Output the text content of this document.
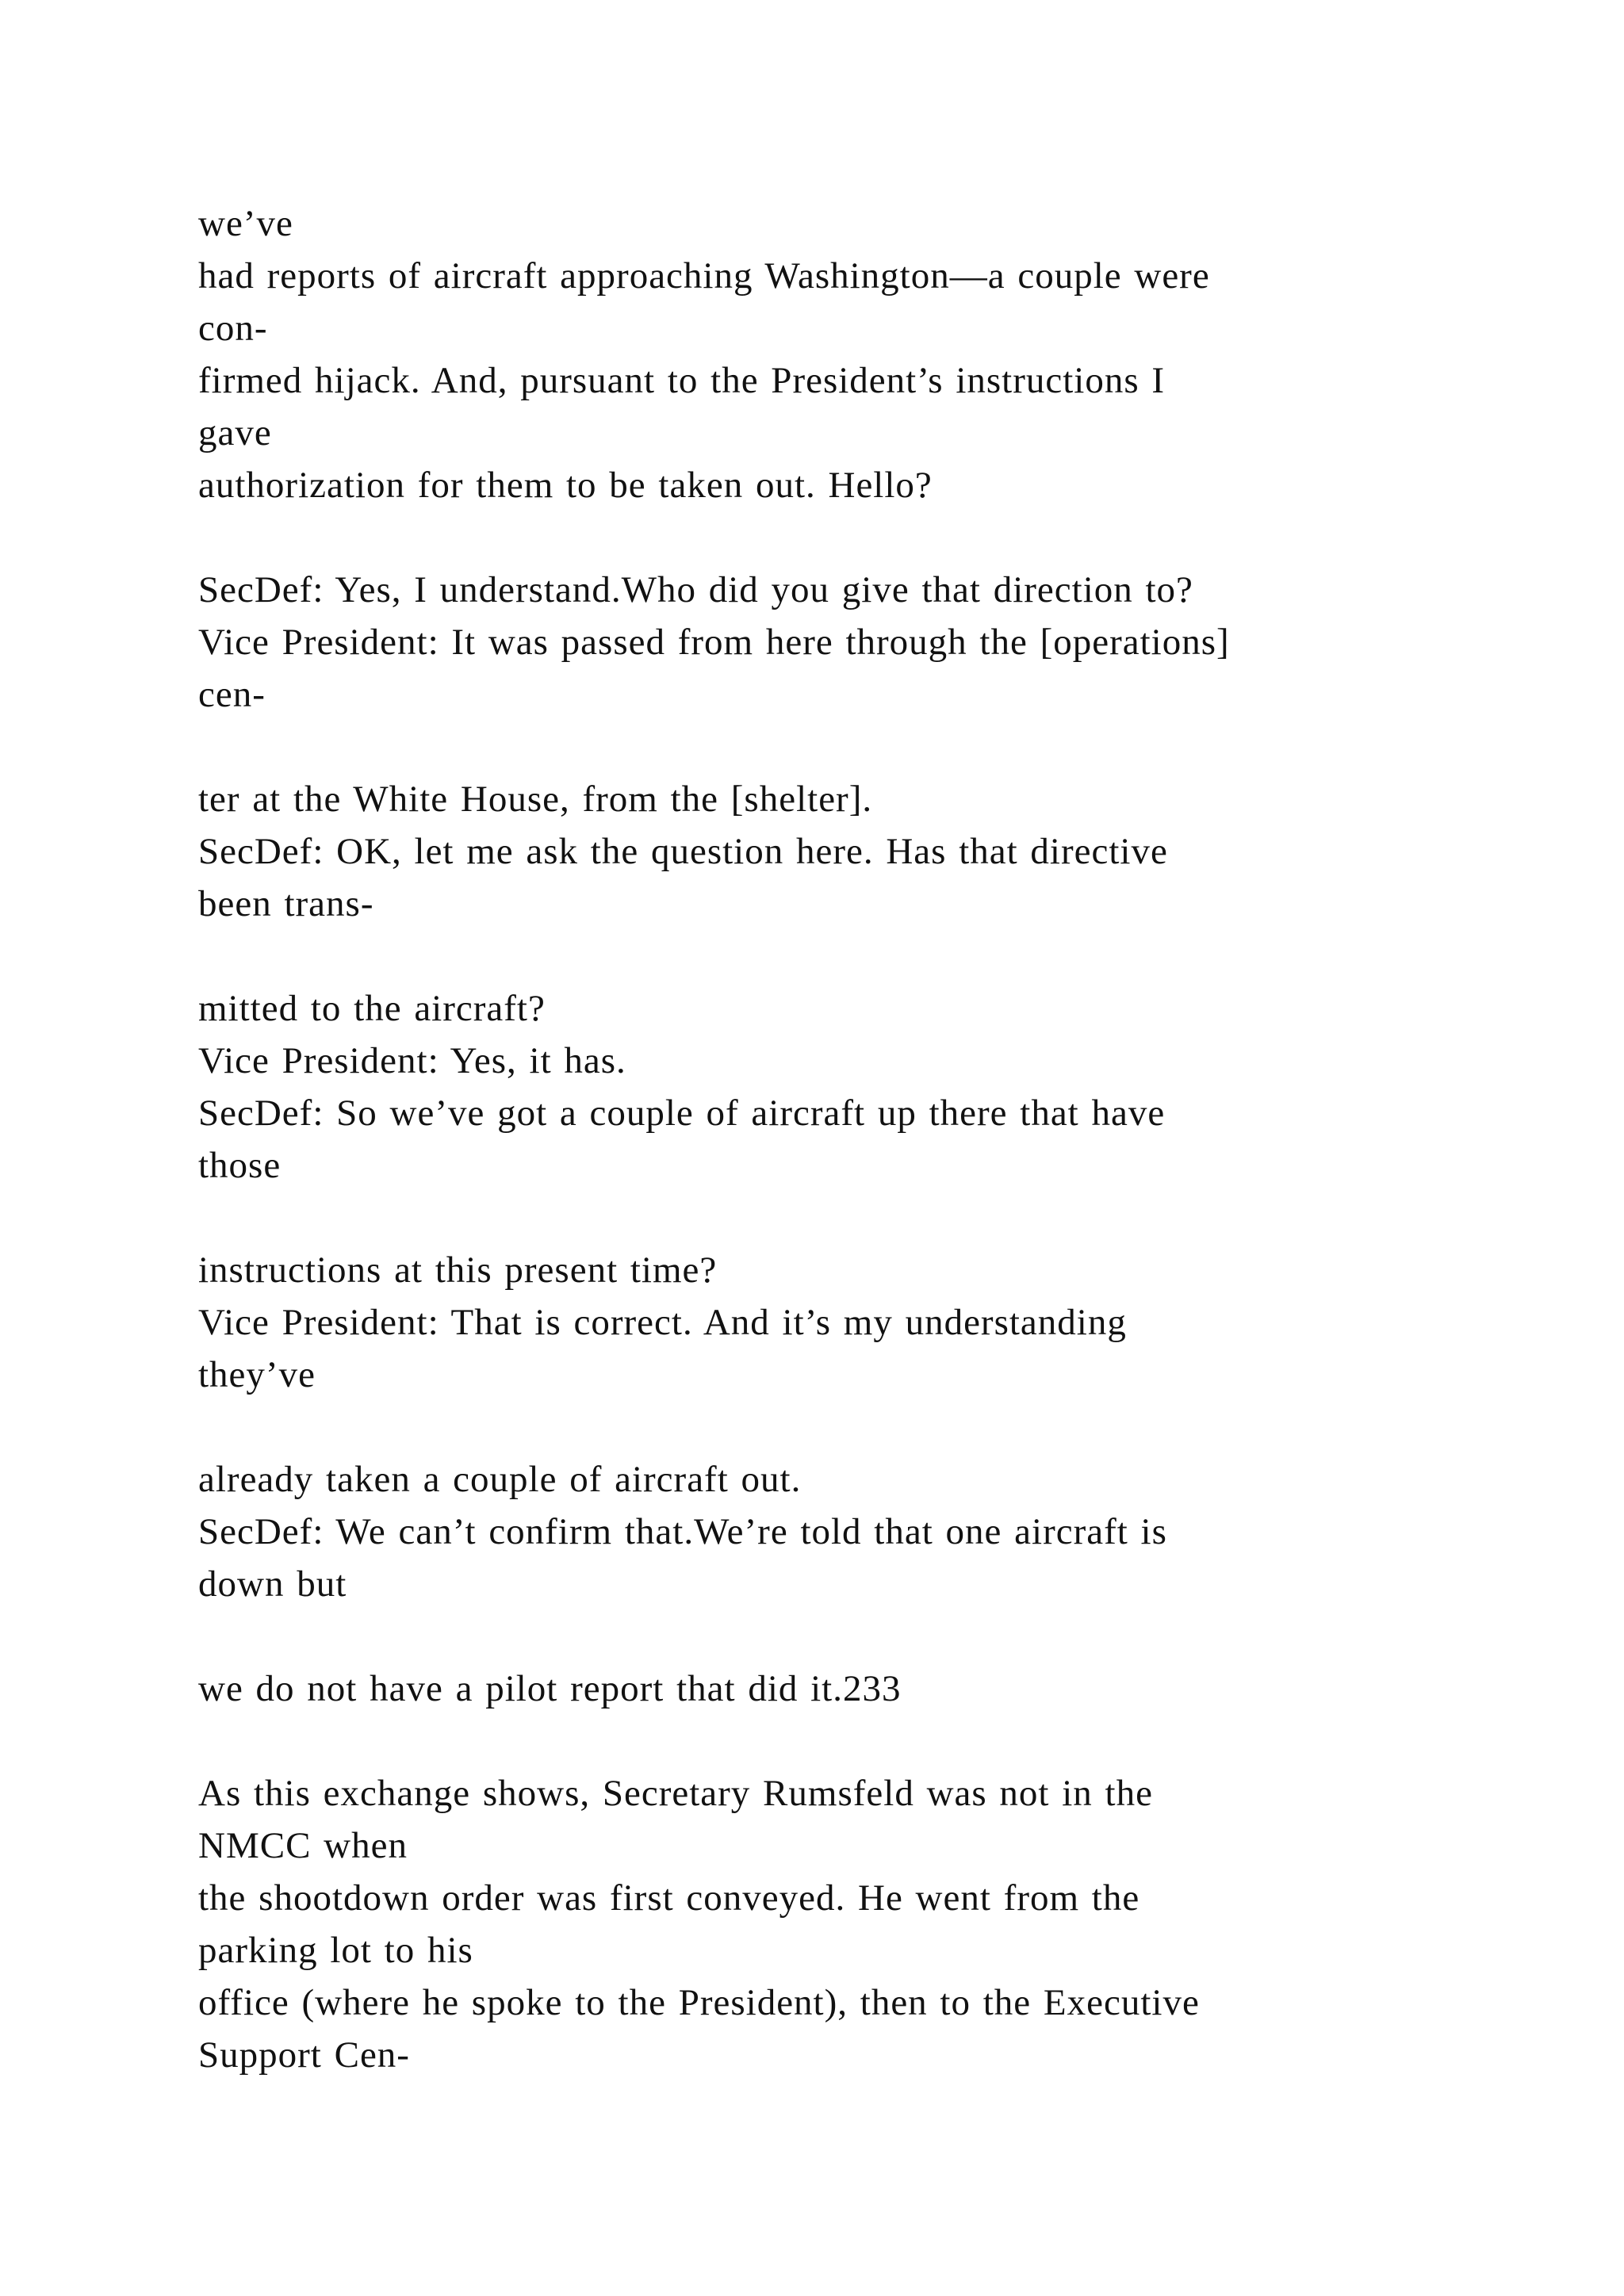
we’ve
had reports of aircraft approaching Washington—a couple were
con-
firmed hijack. And, pursuant to the President’s instructions I
gave
authorization for them to be taken out. Hello?
SecDef: Yes, I understand.Who did you give that direction to?
Vice President: It was passed from here through the [operations]
cen-
ter at the White House, from the [shelter].
SecDef: OK, let me ask the question here. Has that directive
been trans-
mitted to the aircraft?
Vice President: Yes, it has.
SecDef: So we’ve got a couple of aircraft up there that have
those
instructions at this present time?
Vice President: That is correct. And it’s my understanding
they’ve
already taken a couple of aircraft out.
SecDef: We can’t confirm that.We’re told that one aircraft is
down but
we do not have a pilot report that did it.233
As this exchange shows, Secretary Rumsfeld was not in the
NMCC when
the shootdown order was first conveyed. He went from the
parking lot to his
office (where he spoke to the President), then to the Executive
Support Cen-
